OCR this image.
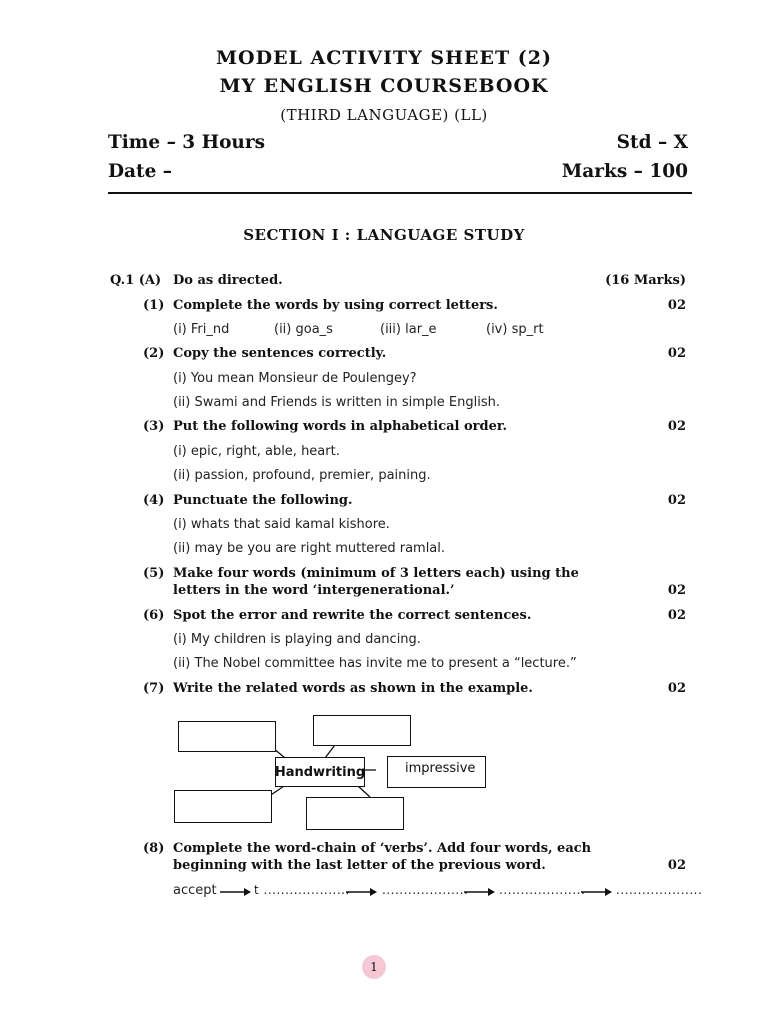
MODEL ACTIVITY SHEET (2)
MY ENGLISH COURSEBOOK
(THIRD LANGUAGE) (LL)
Time – 3 Hours	Std – X
Date –	Marks – 100
SECTION I : LANGUAGE STUDY
Q.1 (A) Do as directed.	(16 Marks)
(1) Complete the words by using correct letters.	02
(i) Fri_nd	(ii) goa_s	(iii) lar_e	(iv) sp_rt
(2) Copy the sentences correctly.	02
(i) You mean Monsieur de Poulengey?
(ii) Swami and Friends is written in simple English.
(3) Put the following words in alphabetical order.	02
(i) epic, right, able, heart.
(ii) passion, profound, premier, paining.
(4) Punctuate the following.	02
(i) whats that said kamal kishore.
(ii) may be you are right muttered ramlal.
(5) Make four words (minimum of 3 letters each) using the
letters in the word ‘intergenerational.’	02
(6) Spot the error and rewrite the correct sentences.	02
(i) My children is playing and dancing.
(ii) The Nobel committee has invite me to present a “lecture.”
(7) Write the related words as shown in the example.	02
Handwriting	impressive
(8) Complete the word-chain of ‘verbs’. Add four words, each
beginning with the last letter of the previous word.	02
accept	t ....................	....................	....................	....................
1
